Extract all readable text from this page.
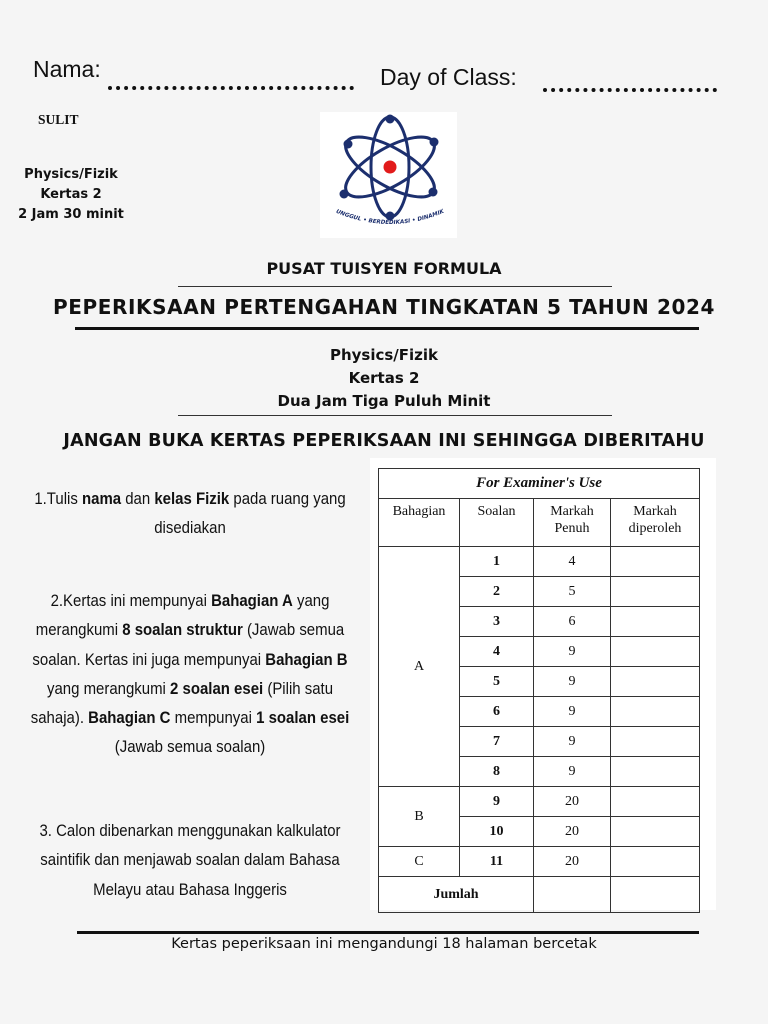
Nama:	Day of Class:
SULIT
Physics/Fizik
Kertas 2
2 Jam 30 minit	UNGGUL • BERDEDIKASI • DINAMIK
PUSAT TUISYEN FORMULA
PEPERIKSAAN PERTENGAHAN TINGKATAN 5 TAHUN 2024
Physics/Fizik
Kertas 2
Dua Jam Tiga Puluh Minit
JANGAN BUKA KERTAS PEPERIKSAAN INI SEHINGGA DIBERITAHU
1.Tulis nama dan kelas Fizik pada ruang yang disediakan
2.Kertas ini mempunyai Bahagian A yang merangkumi 8 soalan struktur (Jawab semua soalan. Kertas ini juga mempunyai Bahagian B yang merangkumi 2 soalan esei (Pilih satu sahaja). Bahagian C mempunyai 1 soalan esei (Jawab semua soalan)
3. Calon dibenarkan menggunakan kalkulator saintifik dan menjawab soalan dalam Bahasa Melayu atau Bahasa Inggeris
For Examiner's Use			
Bahagian	Soalan	Markah Penuh	Markah diperoleh
A	1	4	
	2	5	
	3	6	
	4	9	
	5	9	
	6	9	
	7	9	
	8	9	
B	9	20	
	10	20	
C	11	20	
Jumlah			
Kertas peperiksaan ini mengandungi 18 halaman bercetak
